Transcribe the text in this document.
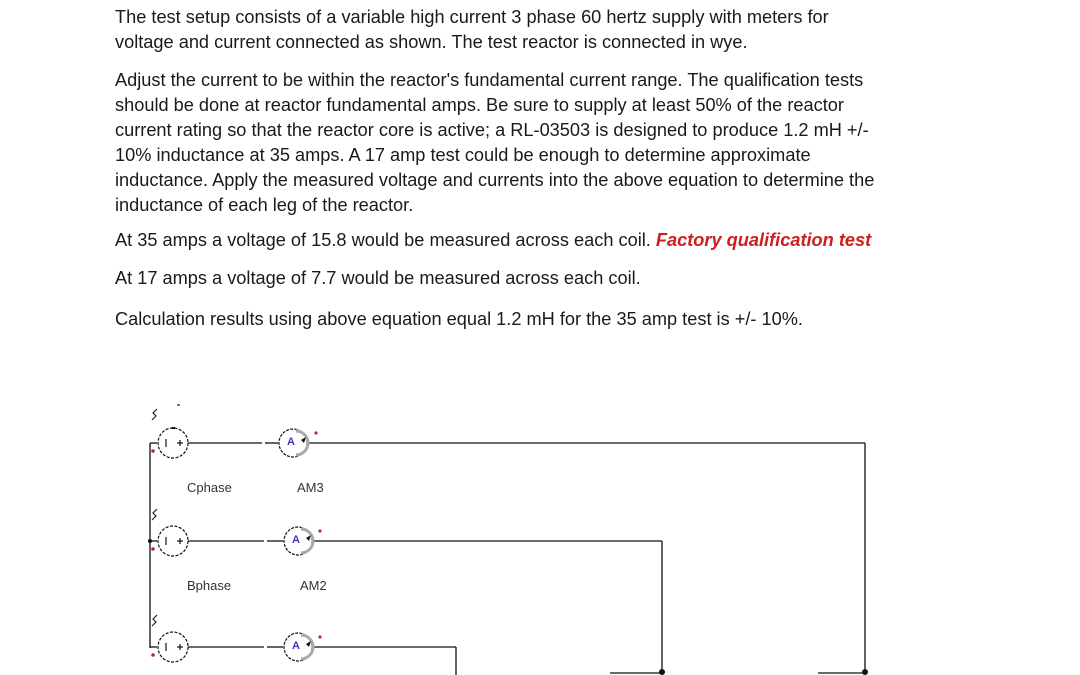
The test setup consists of a variable high current 3 phase 60 hertz supply with meters for
voltage and current connected as shown. The test reactor is connected in wye.
Adjust the current to be within the reactor's fundamental current range. The qualification tests
should be done at reactor fundamental amps. Be sure to supply at least 50% of the reactor
current rating so that the reactor core is active; a RL-03503 is designed to produce 1.2 mH +/-
10% inductance at 35 amps. A 17 amp test could be enough to determine approximate
inductance. Apply the measured voltage and currents into the above equation to determine the
inductance of each leg of the reactor.
At 35 amps a voltage of 15.8 would be measured across each coil. Factory qualification test
At 17 amps a voltage of 7.7 would be measured across each coil.
Calculation results using above equation equal 1.2 mH for the 35 amp test is +/- 10%.
A
A
A
Cphase	AM3
Bphase	AM2
